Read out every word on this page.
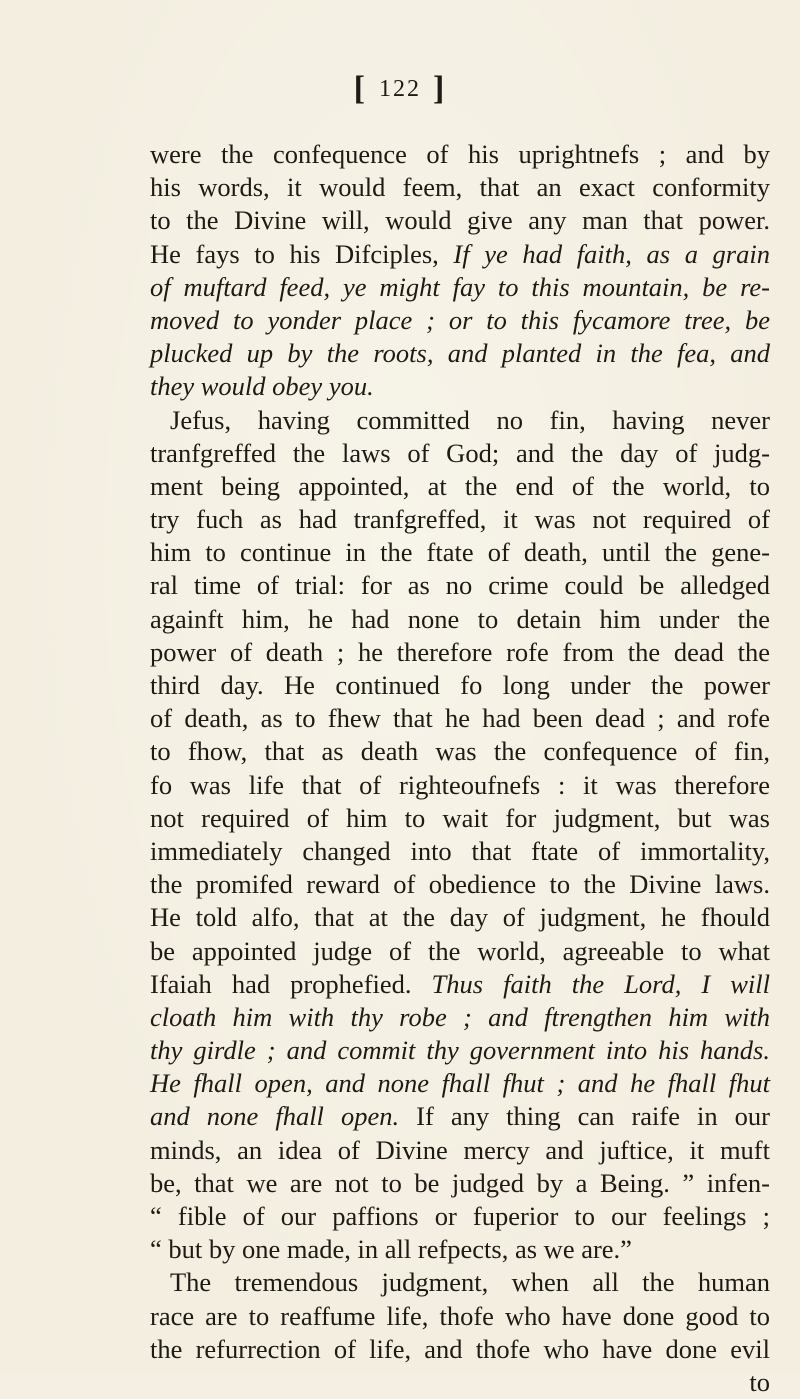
[ 122 ]
were the confequence of his uprightnefs ; and by
his words, it would feem, that an exact conformity
to the Divine will, would give any man that power.
He fays to his Difciples, If ye had faith, as a grain
of muftard feed, ye might fay to this mountain, be re-
moved to yonder place ; or to this fycamore tree, be
plucked up by the roots, and planted in the fea, and
they would obey you.
Jefus, having committed no fin, having never
tranfgreffed the laws of God; and the day of judg-
ment being appointed, at the end of the world, to
try fuch as had tranfgreffed, it was not required of
him to continue in the ftate of death, until the gene-
ral time of trial: for as no crime could be alledged
againft him, he had none to detain him under the
power of death ; he therefore rofe from the dead the
third day. He continued fo long under the power
of death, as to fhew that he had been dead ; and rofe
to fhow, that as death was the confequence of fin,
fo was life that of righteoufnefs : it was therefore
not required of him to wait for judgment, but was
immediately changed into that ftate of immortality,
the promifed reward of obedience to the Divine laws.
He told alfo, that at the day of judgment, he fhould
be appointed judge of the world, agreeable to what
Ifaiah had prophefied. Thus faith the Lord, I will
cloath him with thy robe ; and ftrengthen him with
thy girdle ; and commit thy government into his hands.
He fhall open, and none fhall fhut ; and he fhall fhut
and none fhall open. If any thing can raife in our
minds, an idea of Divine mercy and juftice, it muft
be, that we are not to be judged by a Being. ” infen-
“ fible of our paffions or fuperior to our feelings ;
“ but by one made, in all refpects, as we are.”
The tremendous judgment, when all the human
race are to reaffume life, thofe who have done good to
the refurrection of life, and thofe who have done evil
to
